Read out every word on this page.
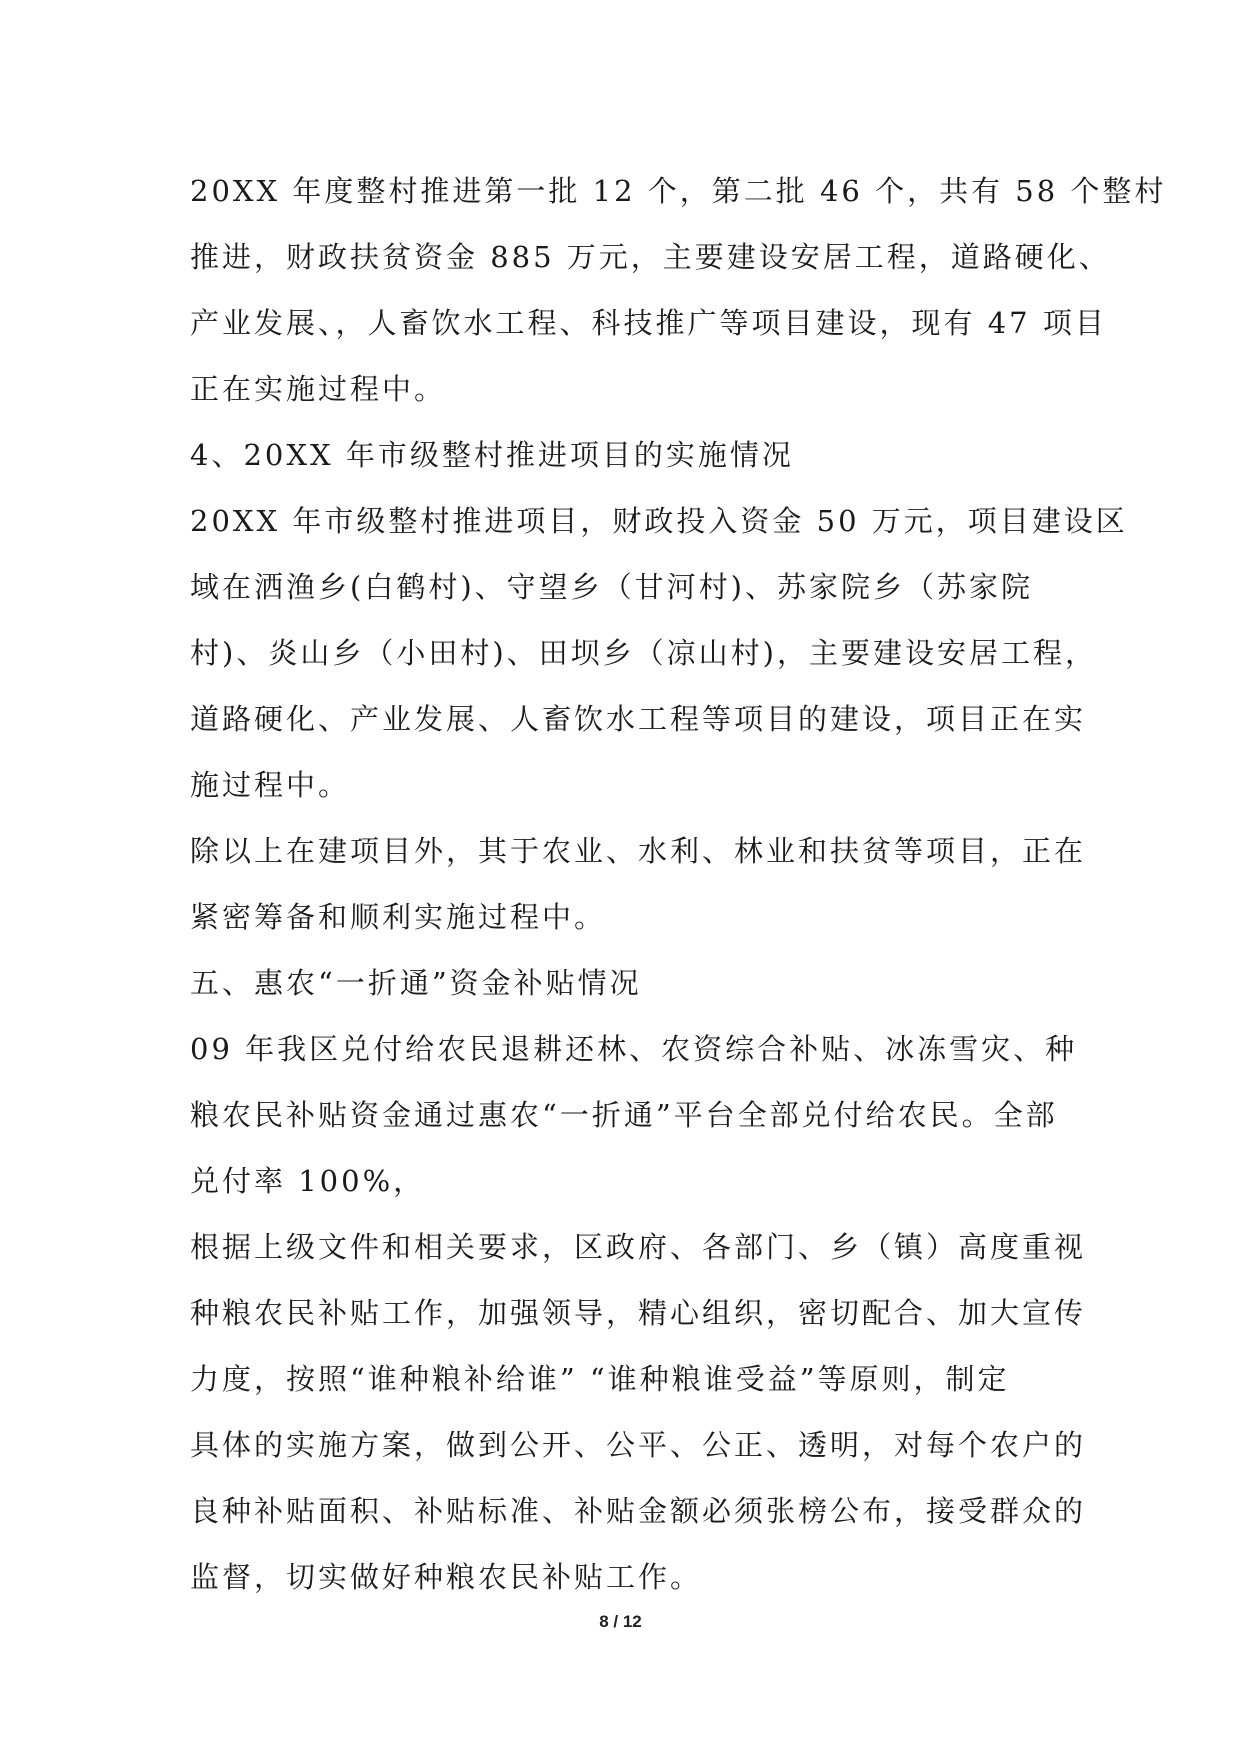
20XX 年度整村推进第一批 12 个，第二批 46 个，共有 58 个整村
推进，财政扶贫资金 885 万元，主要建设安居工程，道路硬化、
产业发展、，人畜饮水工程、科技推广等项目建设，现有 47 项目
正在实施过程中。
4、20XX 年市级整村推进项目的实施情况
20XX 年市级整村推进项目，财政投入资金 50 万元，项目建设区
域在洒渔乡(白鹤村)、守望乡（甘河村)、苏家院乡（苏家院
村)、炎山乡（小田村)、田坝乡（凉山村)，主要建设安居工程，
道路硬化、产业发展、人畜饮水工程等项目的建设，项目正在实
施过程中。
除以上在建项目外，其于农业、水利、林业和扶贫等项目，正在
紧密筹备和顺利实施过程中。
五、惠农“一折通”资金补贴情况
09 年我区兑付给农民退耕还林、农资综合补贴、冰冻雪灾、种
粮农民补贴资金通过惠农“一折通”平台全部兑付给农民。全部
兑付率 100%，
根据上级文件和相关要求，区政府、各部门、乡（镇）高度重视
种粮农民补贴工作，加强领导，精心组织，密切配合、加大宣传
力度，按照“谁种粮补给谁” “谁种粮谁受益”等原则，制定
具体的实施方案，做到公开、公平、公正、透明，对每个农户的
良种补贴面积、补贴标准、补贴金额必须张榜公布，接受群众的
监督，切实做好种粮农民补贴工作。
8 / 12
